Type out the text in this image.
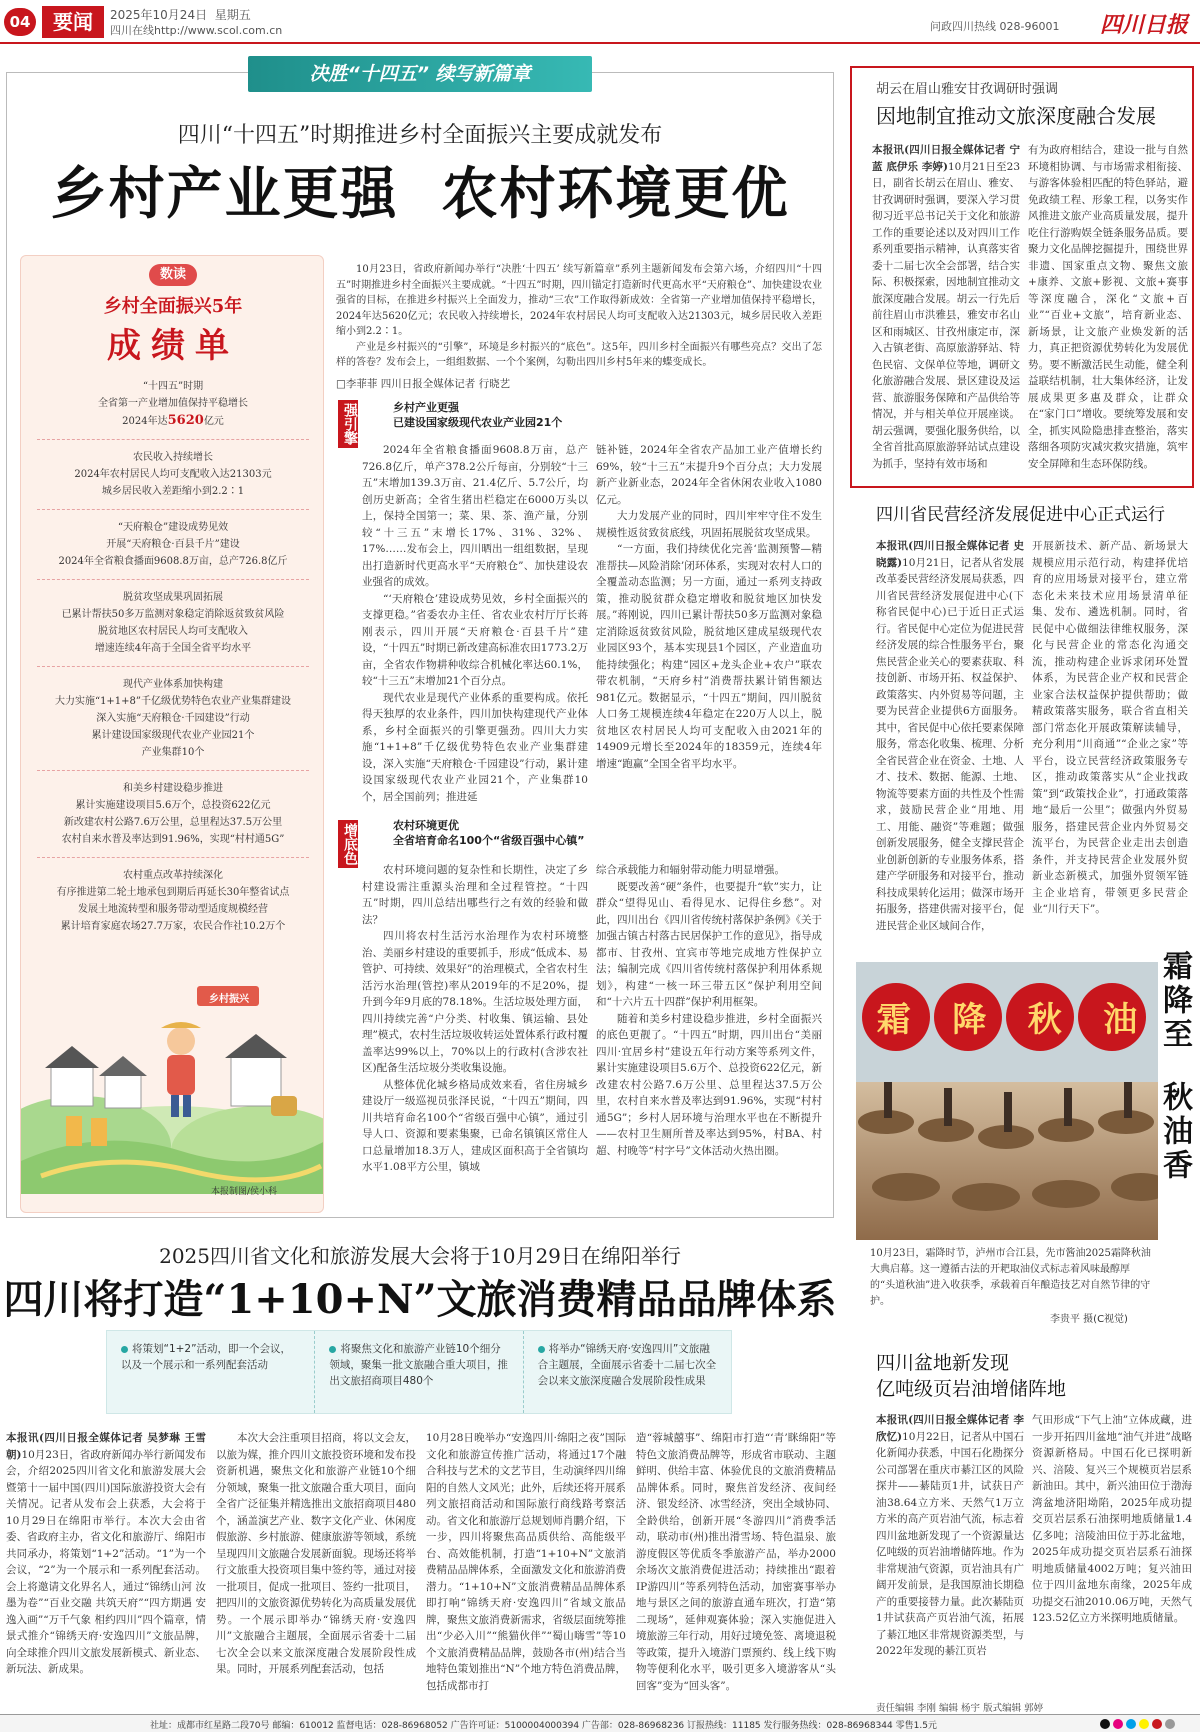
04	要闻	2025年10月24日 星期五
四川在线http://www.scol.com.cn	问政四川热线 028-96001 四川日报
决胜“十四五” 续写新篇章
四川“十四五”时期推进乡村全面振兴主要成就发布
乡村产业更强  农村环境更优
数读
乡村全面振兴5年
成绩单
“十四五”时期
全省第一产业增加值保持平稳增长
2024年达5620亿元
农民收入持续增长
2024年农村居民人均可支配收入达21303元
城乡居民收入差距缩小到2.2∶1
“天府粮仓”建设成势见效
开展“天府粮仓·百县千片”建设
2024年全省粮食播面9608.8万亩，总产726.8亿斤
脱贫攻坚成果巩固拓展
已累计帮扶50多万监测对象稳定消除返贫致贫风险
脱贫地区农村居民人均可支配收入
增速连续4年高于全国全省平均水平
现代产业体系加快构建
大力实施“1+1+8”千亿级优势特色农业产业集群建设
深入实施“天府粮仓·千园建设”行动
累计建设国家级现代农业产业园21个
产业集群10个
和美乡村建设稳步推进
累计实施建设项目5.6万个，总投资622亿元
新改建农村公路7.6万公里，总里程达37.5万公里
农村自来水普及率达到91.96%，实现“村村通5G”
农村重点改革持续深化
有序推进第二轮土地承包到期后再延长30年整省试点
发展土地流转型和服务带动型适度规模经营
累计培育家庭农场27.7万家，农民合作社10.2万个
乡村振兴
本报制图/侯小科

10月23日，省政府新闻办举行“决胜‘十四五’ 续写新篇章”系列主题新闻发布会第六场，介绍四川“十四五”时期推进乡村全面振兴主要成就。“十四五”时期，四川锚定打造新时代更高水平“天府粮仓”、加快建设农业强省的目标，在推进乡村振兴上全面发力，推动“三农”工作取得新成效：全省第一产业增加值保持平稳增长，2024年达5620亿元；农民收入持续增长，2024年农村居民人均可支配收入达21303元，城乡居民收入差距缩小到2.2∶1。

产业是乡村振兴的“引擎”，环境是乡村振兴的“底色”。这5年，四川乡村全面振兴有哪些亮点？交出了怎样的答卷？发布会上，一组组数据、一个个案例，勾勒出四川乡村5年来的蝶变成长。

□李菲菲 四川日报全媒体记者 行晓艺
强引擎	乡村产业更强
已建设国家级现代农业产业园21个

2024年全省粮食播面9608.8万亩，总产726.8亿斤，单产378.2公斤每亩，分别较“十三五”末增加139.3万亩、21.4亿斤、5.7公斤，均创历史新高；全省生猪出栏稳定在6000万头以上，保持全国第一；菜、果、茶、渔产量，分别较“十三五”末增长17%、31%、32%、17%……发布会上，四川晒出一组组数据，呈现出打造新时代更高水平“天府粮仓”、加快建设农业强省的成效。

“‘天府粮仓’建设成势见效，乡村全面振兴的支撑更稳。”省委农办主任、省农业农村厅厅长蒋刚表示，四川开展“天府粮仓·百县千片”建设，“十四五”时期已新改建高标准农田1773.2万亩，全省农作物耕种收综合机械化率达60.1%，较“十三五”末增加21个百分点。

现代农业是现代产业体系的重要构成。依托得天独厚的农业条件，四川加快构建现代产业体系，乡村全面振兴的引擎更强劲。四川大力实施“1+1+8”千亿级优势特色农业产业集群建设，深入实施“天府粮仓·千园建设”行动，累计建设国家级现代农业产业园21个，产业集群10个，居全国前列；推进延

链补链，2024年全省农产品加工业产值增长约69%，较“十三五”末提升9个百分点；大力发展新产业新业态，2024年全省休闲农业收入1080亿元。

大力发展产业的同时，四川牢牢守住不发生规模性返贫致贫底线，巩固拓展脱贫攻坚成果。

“一方面，我们持续优化完善‘监测预警—精准帮扶—风险消除’闭环体系，实现对农村人口的全覆盖动态监测；另一方面，通过一系列支持政策，推动脱贫群众稳定增收和脱贫地区加快发展。”蒋刚说，四川已累计帮扶50多万监测对象稳定消除返贫致贫风险，脱贫地区建成星级现代农业园区93个，基本实现县1个园区，产业造血功能持续强化；构建“园区+龙头企业+农户”联农带农机制，“天府乡村”消费帮扶累计销售额达981亿元。数据显示，“十四五”期间，四川脱贫人口务工规模连续4年稳定在220万人以上，脱贫地区农村居民人均可支配收入由2021年的14909元增长至2024年的18359元，连续4年增速“跑赢”全国全省平均水平。

增底色	农村环境更优
全省培育命名100个“省级百强中心镇”

农村环境问题的复杂性和长期性，决定了乡村建设需注重源头治理和全过程管控。“十四五”时期，四川总结出哪些行之有效的经验和做法？

四川将农村生活污水治理作为农村环境整治、美丽乡村建设的重要抓手，形成“低成本、易管护、可持续、效果好”的治理模式，全省农村生活污水治理(管控)率从2019年的不足20%，提升到今年9月底的78.18%。生活垃圾处理方面，四川持续完善“户分类、村收集、镇运输、县处理”模式，农村生活垃圾收转运处置体系行政村覆盖率达99%以上，70%以上的行政村(含涉农社区)配备生活垃圾分类收集设施。

从整体优化城乡格局成效来看，省住房城乡建设厅一级巡视员张泽民说，“十四五”期间，四川共培育命名100个“省级百强中心镇”，通过引导人口、资源和要素集聚，已命名镇镇区常住人口总量增加18.3万人，建成区面积高于全省镇均水平1.08平方公里，镇域

综合承载能力和辐射带动能力明显增强。

既要改善“硬”条件，也要提升“软”实力，让群众“望得见山、看得见水、记得住乡愁”。对此，四川出台《四川省传统村落保护条例》《关于加强古镇古村落古民居保护工作的意见》，指导成都市、甘孜州、宜宾市等地完成地方性保护立法；编制完成《四川省传统村落保护利用体系规划》，构建“一核一环三带五区”保护利用空间和“十六片五十四群”保护利用框架。

随着和美乡村建设稳步推进，乡村全面振兴的底色更靓了。“十四五”时期，四川出台“美丽四川·宜居乡村”建设五年行动方案等系列文件，累计实施建设项目5.6万个、总投资622亿元，新改建农村公路7.6万公里、总里程达37.5万公里，农村自来水普及率达到91.96%，实现“村村通5G”；乡村人居环境与治理水平也在不断提升——农村卫生厕所普及率达到95%，村BA、村超、村晚等“村字号”文体活动火热出圈。

胡云在眉山雅安甘孜调研时强调
因地制宜推动文旅深度融合发展

本报讯(四川日报全媒体记者 宁蓝 底伊乐 李婷)10月21日至23日，副省长胡云在眉山、雅安、甘孜调研时强调，要深入学习贯彻习近平总书记关于文化和旅游工作的重要论述以及对四川工作系列重要指示精神，认真落实省委十二届七次全会部署，结合实际、积极探索，因地制宜推动文旅深度融合发展。胡云一行先后前往眉山市洪雅县，雅安市名山区和雨城区、甘孜州康定市，深入古镇老街、高原旅游驿站、特色民宿、文保单位等地，调研文化旅游融合发展、景区建设及运营、旅游服务保障和产品供给等情况，并与相关单位开展座谈。胡云强调，要强化服务供给，以全省首批高原旅游驿站试点建设为抓手，坚持有效市场和

有为政府相结合，建设一批与自然环境相协调、与市场需求相衔接、与游客体验相匹配的特色驿站，避免政绩工程、形象工程，以务实作风推进文旅产业高质量发展，提升吃住行游购娱全链条服务品质。要聚力文化品牌挖掘提升，围绕世界非遗、国家重点文物、聚焦文旅+康养、文旅+影视、文旅+赛事等深度融合，深化“文旅+百业”“百业+文旅”，培育新业态、新场景，让文旅产业焕发新的活力，真正把资源优势转化为发展优势。要不断激活民生动能，健全利益联结机制，壮大集体经济，让发展成果更多惠及群众，让群众在“家门口”增收。要统筹发展和安全，抓实风险隐患排查整治，落实落细各项防灾减灾救灾措施，筑牢安全屏障和生态环保防线。

四川省民营经济发展促进中心正式运行

本报讯(四川日报全媒体记者 史晓露)10月21日，记者从省发展改革委民营经济发展局获悉，四川省民营经济发展促进中心(下称省民促中心)已于近日正式运行。省民促中心定位为促进民营经济发展的综合性服务平台，聚焦民营企业关心的要素获取、科技创新、市场开拓、权益保护、政策落实、内外贸易等问题，主要为民营企业提供6方面服务。其中，省民促中心依托要素保障服务，常态化收集、梳理、分析全省民营企业在资金、土地、人才、技术、数据、能源、土地、物流等要素方面的共性及个性需求，鼓励民营企业“用地、用工、用能、融资”等难题；做强创新发展服务，健全支撑民营企业创新创新的专业服务体系，搭建产学研服务和对接平台，推动科技成果转化运用；做深市场开拓服务，搭建供需对接平台，促进民营企业区域间合作，

开展新技术、新产品、新场景大规模应用示范行动，构建择优培育的应用场景对接平台，建立常态化未来技术应用场景清单征集、发布、遴选机制。同时，省民促中心做细法律维权服务，深化与民营企业的常态化沟通交流，推动构建企业诉求闭环处置体系，为民营企业产权和民营企业家合法权益保护提供帮助；做精政策落实服务，联合省直相关部门常态化开展政策解读辅导，充分利用“川商通”“企业之家”等平台，设立民营经济政策服务专区，推动政策落实从“企业找政策”到“政策找企业”，打通政策落地“最后一公里”；做强内外贸易服务，搭建民营企业内外贸易交流平台，为民营企业走出去创造条件，并支持民营企业发展外贸新业态新模式，加强外贸领军链主企业培育，带领更多民营企业“川行天下”。

霜 降 秋 油 霜降至  秋油香
10月23日，霜降时节，泸州市合江县，先市酱油2025霜降秋油大典启幕。这一遵循古法的开耙取油仪式标志着风味最醇厚的“头道秋油”进入收获季，承载着百年酿造技艺对自然节律的守护。
李贵平 摄(C视觉)
2025四川省文化和旅游发展大会将于10月29日在绵阳举行
四川将打造“1+10+N”文旅消费精品品牌体系
将策划“1+2”活动，即一个会议，以及一个展示和一系列配套活动
将聚焦文化和旅游产业链10个细分领域，聚集一批文旅融合重大项目，推出文旅招商项目480个
将举办“锦绣天府·安逸四川”文旅融合主题展，全面展示省委十二届七次全会以来文旅深度融合发展阶段性成果

本报讯(四川日报全媒体记者 吴梦琳 王雪朝)10月23日，省政府新闻办举行新闻发布会，介绍2025四川省文化和旅游发展大会暨第十一届中国(四川)国际旅游投资大会有关情况。记者从发布会上获悉，大会将于10月29日在绵阳市举行。本次大会由省委、省政府主办，省文化和旅游厅、绵阳市共同承办，将策划“1+2”活动。“1”为一个会议，“2”为一个展示和一系列配套活动。会上将邀请文化界名人，通过“锦绣山河 汝墨为卷”“百业交融 共筑天府”“四方期遇 安逸入画”“万千气象 相约四川”四个篇章，情景式推介“锦绣天府·安逸四川”文旅品牌，向全球推介四川文旅发展新模式、新业态、新玩法、新成果。

本次大会注重项目招商，将以文会友，以旅为媒，推介四川文旅投资环境和发布投资新机遇，聚焦文化和旅游产业链10个细分领域，聚集一批文旅融合重大项目，面向全省广泛征集并精选推出文旅招商项目480个，涵盖演艺产业、数字文化产业、休闲度假旅游、乡村旅游、健康旅游等领域，系统呈现四川文旅融合发展新面貌。现场还将举行文旅重大投资项目集中签约等，通过对接一批项目，促成一批项目、签约一批项目，把四川的文旅资源优势转化为高质量发展优势。一个展示即举办“锦绣天府·安逸四川”文旅融合主题展，全面展示省委十二届七次全会以来文旅深度融合发展阶段性成果。同时，开展系列配套活动，包括

10月28日晚举办“安逸四川·绵阳之夜”国际文化和旅游宣传推广活动，将通过17个融合科技与艺术的文艺节目，生动演绎四川绵阳的自然人文风光；此外，后续还将开展系列文旅招商活动和国际旅行商线路考察活动。省文化和旅游厅总规划师肖鹏介绍，下一步，四川将聚焦高品质供给、高能级平台、高效能机制，打造“1+10+N”文旅消费精品品牌体系，全面激发文化和旅游消费潜力。“1+10+N”文旅消费精品品牌体系即打响“锦绣天府·安逸四川”省域文旅品牌，聚焦文旅消费新需求，省级层面统筹推出“少必入川”“熊猫伙伴”“蜀山嗨雪”等10个文旅消费精品品牌，鼓励各市(州)结合当地特色策划推出“N”个地方特色消费品牌，包括成都市打

造“蓉城囍事”、绵阳市打造“‘青’眯绵阳”等特色文旅消费品牌等，形成省市联动、主题鲜明、供给丰富、体验优良的文旅消费精品品牌体系。同时，聚焦首发经济、夜间经济、银发经济、冰雪经济，突出全域协同、全龄供给，创新开展“冬游四川”消费季活动，联动市(州)推出滑雪场、特色温泉、旅游度假区等优质冬季旅游产品，举办2000余场次文旅消费促进活动；持续推出“跟着IP游四川”等系列特色活动，加密赛事举办地与景区之间的旅游直通车班次，打造“第二现场”，延伸观赛体验；深入实施促进入境旅游三年行动，用好过境免签、离境退税等政策，提升入境游门票预约、线上线下购物等便利化水平，吸引更多入境游客从“头回客”变为“回头客”。

四川盆地新发现
亿吨级页岩油增储阵地

本报讯(四川日报全媒体记者 李欣忆)10月22日，记者从中国石化新闻办获悉，中国石化勘探分公司部署在重庆市綦江区的风险探井——綦陆页1井，试获日产油38.64立方米、天然气1万立方米的高产页岩油气流，标志着四川盆地新发现了一个资源量达亿吨级的页岩油增储阵地。作为非常规油气资源，页岩油具有广阔开发前景，是我国原油长期稳产的重要接替力量。此次綦陆页1井试获高产页岩油气流，拓展了綦江地区非常规资源类型，与2022年发现的綦江页岩

气田形成“下气上油”立体成藏，进一步开拓四川盆地“油气并进”战略资源新格局。中国石化已探明新兴、涪陵、复兴三个规模页岩层系新油田。其中，新兴油田位于渤海湾盆地济阳坳陷，2025年成功提交页岩层系石油探明地质储量1.4亿多吨；涪陵油田位于苏北盆地，2025年成功提交页岩层系石油探明地质储量4002万吨；复兴油田位于四川盆地东南缘，2025年成功提交石油2010.06万吨，天然气123.52亿立方米探明地质储量。

责任编辑 李刚 编辑 杨宇 版式编辑 郭婷
社址：成都市红星路二段70号 邮编：610012 监督电话：028-86968052 广告许可证：5100004000394 广告部：028-86968236 订报热线：11185 发行服务热线：028-86968344 零售1.5元
